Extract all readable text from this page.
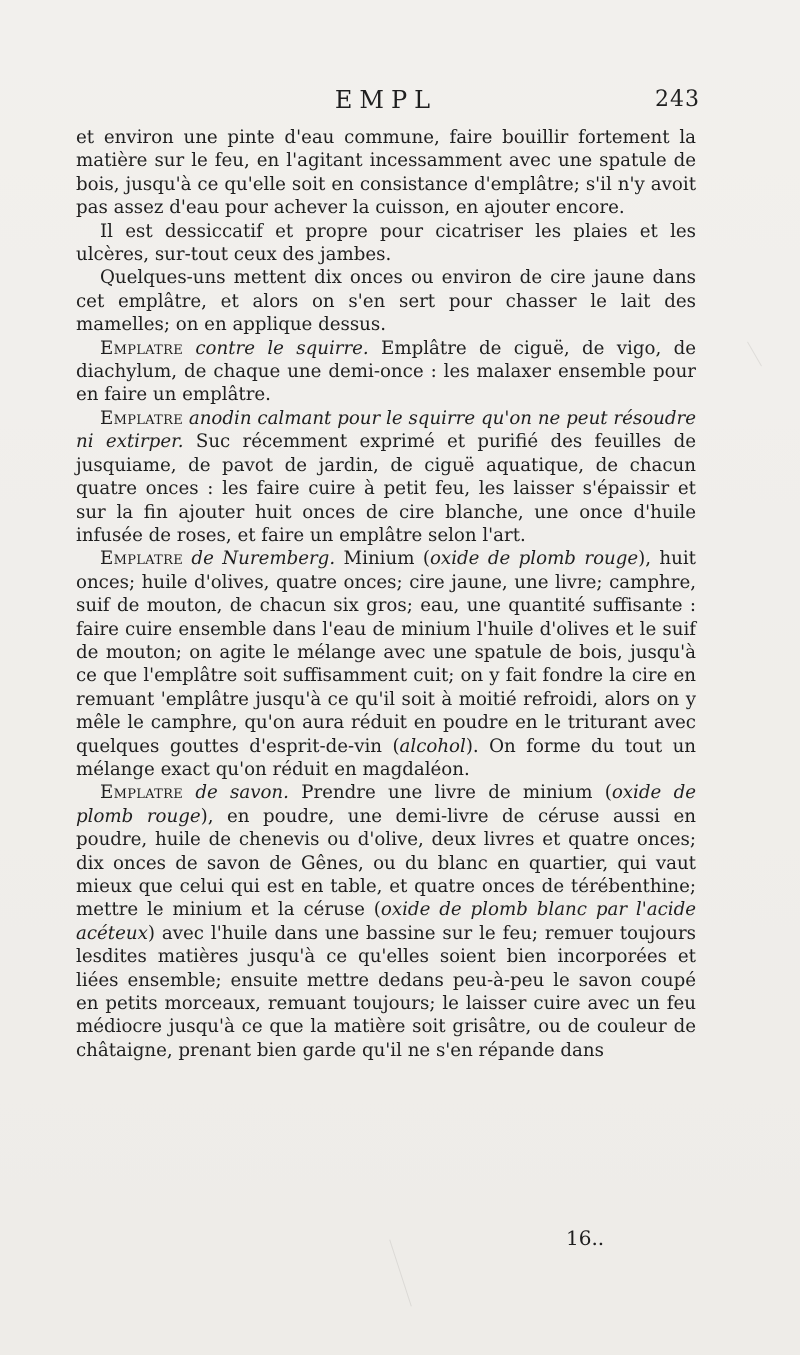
EMPL	243

et environ une pinte d'eau commune, faire bouillir fortement la matière sur le feu, en l'agitant incessamment avec une spatule de bois, jusqu'à ce qu'elle soit en consistance d'emplâtre; s'il n'y avoit pas assez d'eau pour achever la cuisson, en ajouter encore.

Il est dessiccatif et propre pour cicatriser les plaies et les ulcères, sur-tout ceux des jambes.

Quelques-uns mettent dix onces ou environ de cire jaune dans cet emplâtre, et alors on s'en sert pour chasser le lait des mamelles; on en applique dessus.

Emplatre contre le squirre. Emplâtre de ciguë, de vigo, de diachylum, de chaque une demi-once : les malaxer ensemble pour en faire un emplâtre.

Emplatre anodin calmant pour le squirre qu'on ne peut résoudre ni extirper. Suc récemment exprimé et purifié des feuilles de jusquiame, de pavot de jardin, de ciguë aquatique, de chacun quatre onces : les faire cuire à petit feu, les laisser s'épaissir et sur la fin ajouter huit onces de cire blanche, une once d'huile infusée de roses, et faire un emplâtre selon l'art.

Emplatre de Nuremberg. Minium (oxide de plomb rouge), huit onces; huile d'olives, quatre onces; cire jaune, une livre; camphre, suif de mouton, de chacun six gros; eau, une quantité suffisante : faire cuire ensemble dans l'eau de minium l'huile d'olives et le suif de mouton; on agite le mélange avec une spatule de bois, jusqu'à ce que l'emplâtre soit suffisamment cuit; on y fait fondre la cire en remuant 'emplâtre jusqu'à ce qu'il soit à moitié refroidi, alors on y mêle le camphre, qu'on aura réduit en poudre en le triturant avec quelques gouttes d'esprit-de-vin (alcohol). On forme du tout un mélange exact qu'on réduit en magdaléon.

Emplatre de savon. Prendre une livre de minium (oxide de plomb rouge), en poudre, une demi-livre de céruse aussi en poudre, huile de chenevis ou d'olive, deux livres et quatre onces; dix onces de savon de Gênes, ou du blanc en quartier, qui vaut mieux que celui qui est en table, et quatre onces de térébenthine; mettre le minium et la céruse (oxide de plomb blanc par l'acide acéteux) avec l'huile dans une bassine sur le feu; remuer toujours lesdites matières jusqu'à ce qu'elles soient bien incorporées et liées ensemble; ensuite mettre dedans peu-à-peu le savon coupé en petits morceaux, remuant toujours; le laisser cuire avec un feu médiocre jusqu'à ce que la matière soit grisâtre, ou de couleur de châtaigne, prenant bien garde qu'il ne s'en répande dans

16..
